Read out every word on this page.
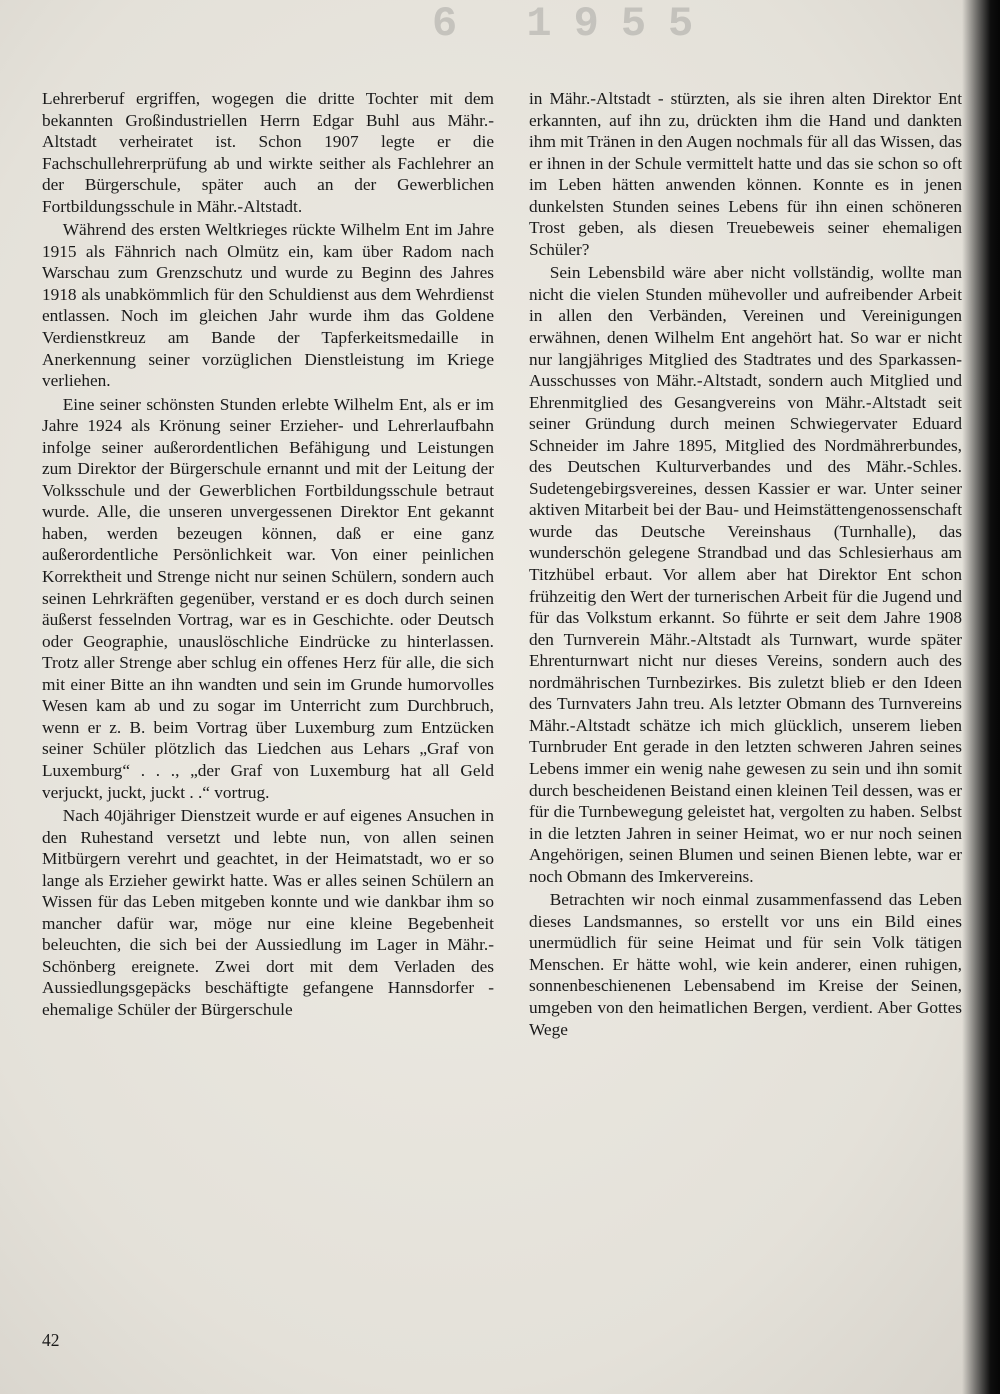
6 1955

Lehrerberuf ergriffen, wogegen die dritte Tochter mit dem bekannten Großindustriellen Herrn Edgar Buhl aus Mähr.-Altstadt verheiratet ist. Schon 1907 legte er die Fachschullehrerprüfung ab und wirkte seither als Fachlehrer an der Bürgerschule, später auch an der Gewerblichen Fortbildungsschule in Mähr.-Altstadt.

Während des ersten Weltkrieges rückte Wilhelm Ent im Jahre 1915 als Fähnrich nach Olmütz ein, kam über Radom nach Warschau zum Grenzschutz und wurde zu Beginn des Jahres 1918 als unabkömmlich für den Schuldienst aus dem Wehrdienst entlassen. Noch im gleichen Jahr wurde ihm das Goldene Verdienstkreuz am Bande der Tapferkeitsmedaille in Anerkennung seiner vorzüglichen Dienstleistung im Kriege verliehen.

Eine seiner schönsten Stunden erlebte Wilhelm Ent, als er im Jahre 1924 als Krönung seiner Erzieher- und Lehrerlaufbahn infolge seiner außerordentlichen Befähigung und Leistungen zum Direktor der Bürgerschule ernannt und mit der Leitung der Volksschule und der Gewerblichen Fortbildungsschule betraut wurde. Alle, die unseren unvergessenen Direktor Ent gekannt haben, werden bezeugen können, daß er eine ganz außerordentliche Persönlichkeit war. Von einer peinlichen Korrektheit und Strenge nicht nur seinen Schülern, sondern auch seinen Lehrkräften gegenüber, verstand er es doch durch seinen äußerst fesselnden Vortrag, war es in Geschichte. oder Deutsch oder Geographie, unauslöschliche Eindrücke zu hinterlassen. Trotz aller Strenge aber schlug ein offenes Herz für alle, die sich mit einer Bitte an ihn wandten und sein im Grunde humorvolles Wesen kam ab und zu sogar im Unterricht zum Durchbruch, wenn er z. B. beim Vortrag über Luxemburg zum Entzücken seiner Schüler plötzlich das Liedchen aus Lehars „Graf von Luxemburg“ . . ., „der Graf von Luxemburg hat all Geld verjuckt, juckt, juckt . .“ vortrug.

Nach 40jähriger Dienstzeit wurde er auf eigenes Ansuchen in den Ruhestand versetzt und lebte nun, von allen seinen Mitbürgern verehrt und geachtet, in der Heimatstadt, wo er so lange als Erzieher gewirkt hatte. Was er alles seinen Schülern an Wissen für das Leben mitgeben konnte und wie dankbar ihm so mancher dafür war, möge nur eine kleine Begebenheit beleuchten, die sich bei der Aussiedlung im Lager in Mähr.-Schönberg ereignete. Zwei dort mit dem Verladen des Aussiedlungsgepäcks beschäftigte gefangene Hannsdorfer - ehemalige Schüler der Bürgerschule

in Mähr.-Altstadt - stürzten, als sie ihren alten Direktor Ent erkannten, auf ihn zu, drückten ihm die Hand und dankten ihm mit Tränen in den Augen nochmals für all das Wissen, das er ihnen in der Schule vermittelt hatte und das sie schon so oft im Leben hätten anwenden können. Konnte es in jenen dunkelsten Stunden seines Lebens für ihn einen schöneren Trost geben, als diesen Treuebeweis seiner ehemaligen Schüler?

Sein Lebensbild wäre aber nicht vollständig, wollte man nicht die vielen Stunden mühevoller und aufreibender Arbeit in allen den Verbänden, Vereinen und Vereinigungen erwähnen, denen Wilhelm Ent angehört hat. So war er nicht nur langjähriges Mitglied des Stadtrates und des Sparkassen-Ausschusses von Mähr.-Altstadt, sondern auch Mitglied und Ehrenmitglied des Gesangvereins von Mähr.-Altstadt seit seiner Gründung durch meinen Schwiegervater Eduard Schneider im Jahre 1895, Mitglied des Nordmährerbundes, des Deutschen Kulturverbandes und des Mähr.-Schles. Sudetengebirgsvereines, dessen Kassier er war. Unter seiner aktiven Mitarbeit bei der Bau- und Heimstättengenossenschaft wurde das Deutsche Vereinshaus (Turnhalle), das wunderschön gelegene Strandbad und das Schlesierhaus am Titzhübel erbaut. Vor allem aber hat Direktor Ent schon frühzeitig den Wert der turnerischen Arbeit für die Jugend und für das Volkstum erkannt. So führte er seit dem Jahre 1908 den Turnverein Mähr.-Altstadt als Turnwart, wurde später Ehrenturnwart nicht nur dieses Vereins, sondern auch des nordmährischen Turnbezirkes. Bis zuletzt blieb er den Ideen des Turnvaters Jahn treu. Als letzter Obmann des Turnvereins Mähr.-Altstadt schätze ich mich glücklich, unserem lieben Turnbruder Ent gerade in den letzten schweren Jahren seines Lebens immer ein wenig nahe gewesen zu sein und ihn somit durch bescheidenen Beistand einen kleinen Teil dessen, was er für die Turnbewegung geleistet hat, vergolten zu haben. Selbst in die letzten Jahren in seiner Heimat, wo er nur noch seinen Angehörigen, seinen Blumen und seinen Bienen lebte, war er noch Obmann des Imkervereins.

Betrachten wir noch einmal zusammenfassend das Leben dieses Landsmannes, so erstellt vor uns ein Bild eines unermüdlich für seine Heimat und für sein Volk tätigen Menschen. Er hätte wohl, wie kein anderer, einen ruhigen, sonnenbeschienenen Lebensabend im Kreise der Seinen, umgeben von den heimatlichen Bergen, verdient. Aber Gottes Wege

42
